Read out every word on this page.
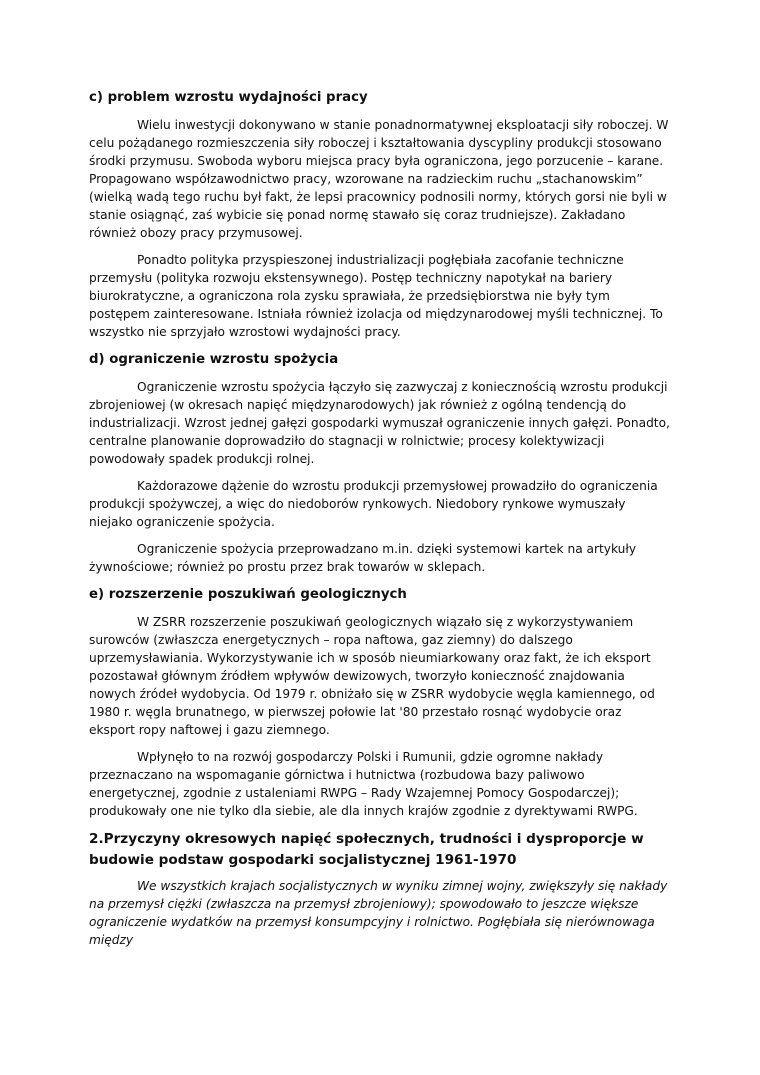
c) problem wzrostu wydajności pracy

Wielu inwestycji dokonywano w stanie ponadnormatywnej eksploatacji siły roboczej. W celu pożądanego rozmieszczenia siły roboczej i kształtowania dyscypliny produkcji stosowano środki przymusu. Swoboda wyboru miejsca pracy była ograniczona, jego porzucenie – karane. Propagowano współzawodnictwo pracy, wzorowane na radzieckim ruchu „stachanowskim” (wielką wadą tego ruchu był fakt, że lepsi pracownicy podnosili normy, których gorsi nie byli w stanie osiągnąć, zaś wybicie się ponad normę stawało się coraz trudniejsze). Zakładano również obozy pracy przymusowej.

Ponadto polityka przyspieszonej industrializacji pogłębiała zacofanie techniczne przemysłu (polityka rozwoju ekstensywnego). Postęp techniczny napotykał na bariery biurokratyczne, a ograniczona rola zysku sprawiała, że przedsiębiorstwa nie były tym postępem zainteresowane. Istniała również izolacja od międzynarodowej myśli technicznej. To wszystko nie sprzyjało wzrostowi wydajności pracy.

d) ograniczenie wzrostu spożycia

Ograniczenie wzrostu spożycia łączyło się zazwyczaj z koniecznością wzrostu produkcji zbrojeniowej (w okresach napięć międzynarodowych) jak również z ogólną tendencją do industrializacji. Wzrost jednej gałęzi gospodarki wymuszał ograniczenie innych gałęzi. Ponadto, centralne planowanie doprowadziło do stagnacji w rolnictwie; procesy kolektywizacji powodowały spadek produkcji rolnej.

Każdorazowe dążenie do wzrostu produkcji przemysłowej prowadziło do ograniczenia produkcji spożywczej, a więc do niedoborów rynkowych. Niedobory rynkowe wymuszały niejako ograniczenie spożycia.

Ograniczenie spożycia przeprowadzano m.in. dzięki systemowi kartek na artykuły żywnościowe; również po prostu przez brak towarów w sklepach.

e) rozszerzenie poszukiwań geologicznych

W ZSRR rozszerzenie poszukiwań geologicznych wiązało się z wykorzystywaniem surowców (zwłaszcza energetycznych – ropa naftowa, gaz ziemny) do dalszego uprzemysławiania. Wykorzystywanie ich w sposób nieumiarkowany oraz fakt, że ich eksport pozostawał głównym źródłem wpływów dewizowych, tworzyło konieczność znajdowania nowych źródeł wydobycia. Od 1979 r. obniżało się w ZSRR wydobycie węgla kamiennego, od 1980 r. węgla brunatnego, w pierwszej połowie lat '80 przestało rosnąć wydobycie oraz eksport ropy naftowej i gazu ziemnego.

Wpłynęło to na rozwój gospodarczy Polski i Rumunii, gdzie ogromne nakłady przeznaczano na wspomaganie górnictwa i hutnictwa (rozbudowa bazy paliwowo energetycznej, zgodnie z ustaleniami RWPG – Rady Wzajemnej Pomocy Gospodarczej); produkowały one nie tylko dla siebie, ale dla innych krajów zgodnie z dyrektywami RWPG.

2.Przyczyny okresowych napięć społecznych, trudności i dysproporcje w budowie podstaw gospodarki socjalistycznej 1961-1970

We wszystkich krajach socjalistycznych w wyniku zimnej wojny, zwiększyły się nakłady na przemysł ciężki (zwłaszcza na przemysł zbrojeniowy); spowodowało to jeszcze większe ograniczenie wydatków na przemysł konsumpcyjny i rolnictwo. Pogłębiała się nierównowaga między
